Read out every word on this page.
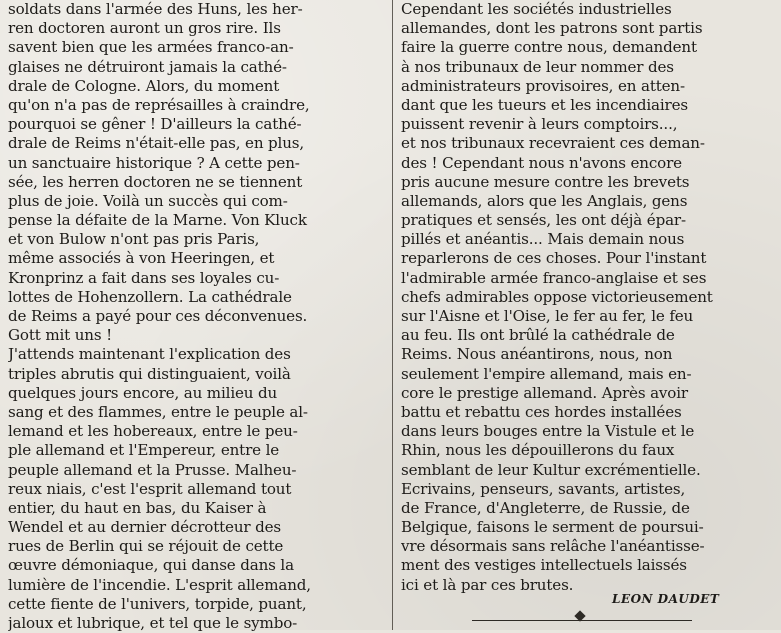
soldats dans l'armée des Huns, les her-
ren doctoren auront un gros rire. Ils
savent bien que les armées franco-an-
glaises ne détruiront jamais la cathé-
drale de Cologne. Alors, du moment
qu'on n'a pas de représailles à craindre,
pourquoi se gêner ! D'ailleurs la cathé-
drale de Reims n'était-elle pas, en plus,
un sanctuaire historique ? A cette pen-
sée, les herren doctoren ne se tiennent
plus de joie. Voilà un succès qui com-
pense la défaite de la Marne. Von Kluck
et von Bulow n'ont pas pris Paris,
même associés à von Heeringen, et
Kronprinz a fait dans ses loyales cu-
lottes de Hohenzollern. La cathédrale
de Reims a payé pour ces déconvenues.
Gott mit uns !
J'attends maintenant l'explication des
triples abrutis qui distinguaient, voilà
quelques jours encore, au milieu du
sang et des flammes, entre le peuple al-
lemand et les hobereaux, entre le peu-
ple allemand et l'Empereur, entre le
peuple allemand et la Prusse. Malheu-
reux niais, c'est l'esprit allemand tout
entier, du haut en bas, du Kaiser à
Wendel et au dernier décrotteur des
rues de Berlin qui se réjouit de cette
œuvre démoniaque, qui danse dans la
lumière de l'incendie. L'esprit allemand,
cette fiente de l'univers, torpide, puant,
jaloux et lubrique, et tel que le symbo-
Cependant les sociétés industrielles
allemandes, dont les patrons sont partis
faire la guerre contre nous, demandent
à nos tribunaux de leur nommer des
administrateurs provisoires, en atten-
dant que les tueurs et les incendiaires
puissent revenir à leurs comptoirs...,
et nos tribunaux recevraient ces deman-
des ! Cependant nous n'avons encore
pris aucune mesure contre les brevets
allemands, alors que les Anglais, gens
pratiques et sensés, les ont déjà épar-
pillés et anéantis... Mais demain nous
reparlerons de ces choses. Pour l'instant
l'admirable armée franco-anglaise et ses
chefs admirables oppose victorieusement
sur l'Aisne et l'Oise, le fer au fer, le feu
au feu. Ils ont brûlé la cathédrale de
Reims. Nous anéantirons, nous, non
seulement l'empire allemand, mais en-
core le prestige allemand. Après avoir
battu et rebattu ces hordes installées
dans leurs bouges entre la Vistule et le
Rhin, nous les dépouillerons du faux
semblant de leur Kultur excrémentielle.
Ecrivains, penseurs, savants, artistes,
de France, d'Angleterre, de Russie, de
Belgique, faisons le serment de poursui-
vre désormais sans relâche l'anéantisse-
ment des vestiges intellectuels laissés
ici et là par ces brutes.
LEON DAUDET
